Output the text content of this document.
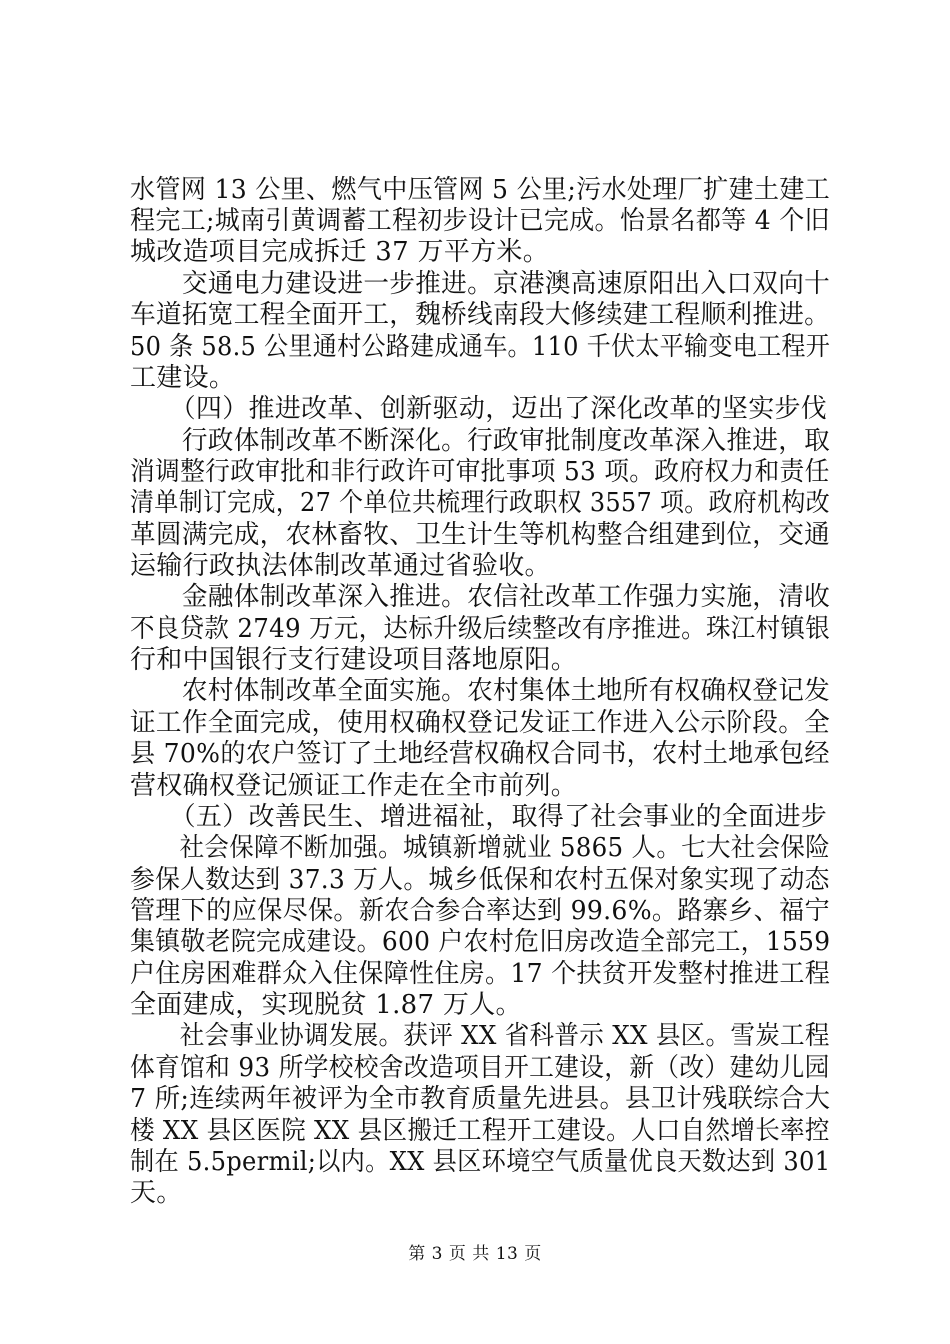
水管网 13 公里、燃气中压管网 5 公里;污水处理厂扩建土建工
程完工;城南引黄调蓄工程初步设计已完成。怡景名都等 4 个旧
城改造项目完成拆迁 37 万平方米。
　　交通电力建设进一步推进。京港澳高速原阳出入口双向十
车道拓宽工程全面开工，魏桥线南段大修续建工程顺利推进。
50 条 58.5 公里通村公路建成通车。110 千伏太平输变电工程开
工建设。
　　（四）推进改革、创新驱动，迈出了深化改革的坚实步伐
　　行政体制改革不断深化。行政审批制度改革深入推进，取
消调整行政审批和非行政许可审批事项 53 项。政府权力和责任
清单制订完成，27 个单位共梳理行政职权 3557 项。政府机构改
革圆满完成，农林畜牧、卫生计生等机构整合组建到位，交通
运输行政执法体制改革通过省验收。
　　金融体制改革深入推进。农信社改革工作强力实施，清收
不良贷款 2749 万元，达标升级后续整改有序推进。珠江村镇银
行和中国银行支行建设项目落地原阳。
　　农村体制改革全面实施。农村集体土地所有权确权登记发
证工作全面完成，使用权确权登记发证工作进入公示阶段。全
县 70%的农户签订了土地经营权确权合同书，农村土地承包经
营权确权登记颁证工作走在全市前列。
　　（五）改善民生、增进福祉，取得了社会事业的全面进步
　　社会保障不断加强。城镇新增就业 5865 人。七大社会保险
参保人数达到 37.3 万人。城乡低保和农村五保对象实现了动态
管理下的应保尽保。新农合参合率达到 99.6%。路寨乡、福宁
集镇敬老院完成建设。600 户农村危旧房改造全部完工，1559
户住房困难群众入住保障性住房。17 个扶贫开发整村推进工程
全面建成，实现脱贫 1.87 万人。
　　社会事业协调发展。获评 XX 省科普示 XX 县区。雪炭工程
体育馆和 93 所学校校舍改造项目开工建设，新（改）建幼儿园
7 所;连续两年被评为全市教育质量先进县。县卫计残联综合大
楼 XX 县区医院 XX 县区搬迁工程开工建设。人口自然增长率控
制在 5.5permil;以内。XX 县区环境空气质量优良天数达到 301
天。
第 3 页 共 13 页
